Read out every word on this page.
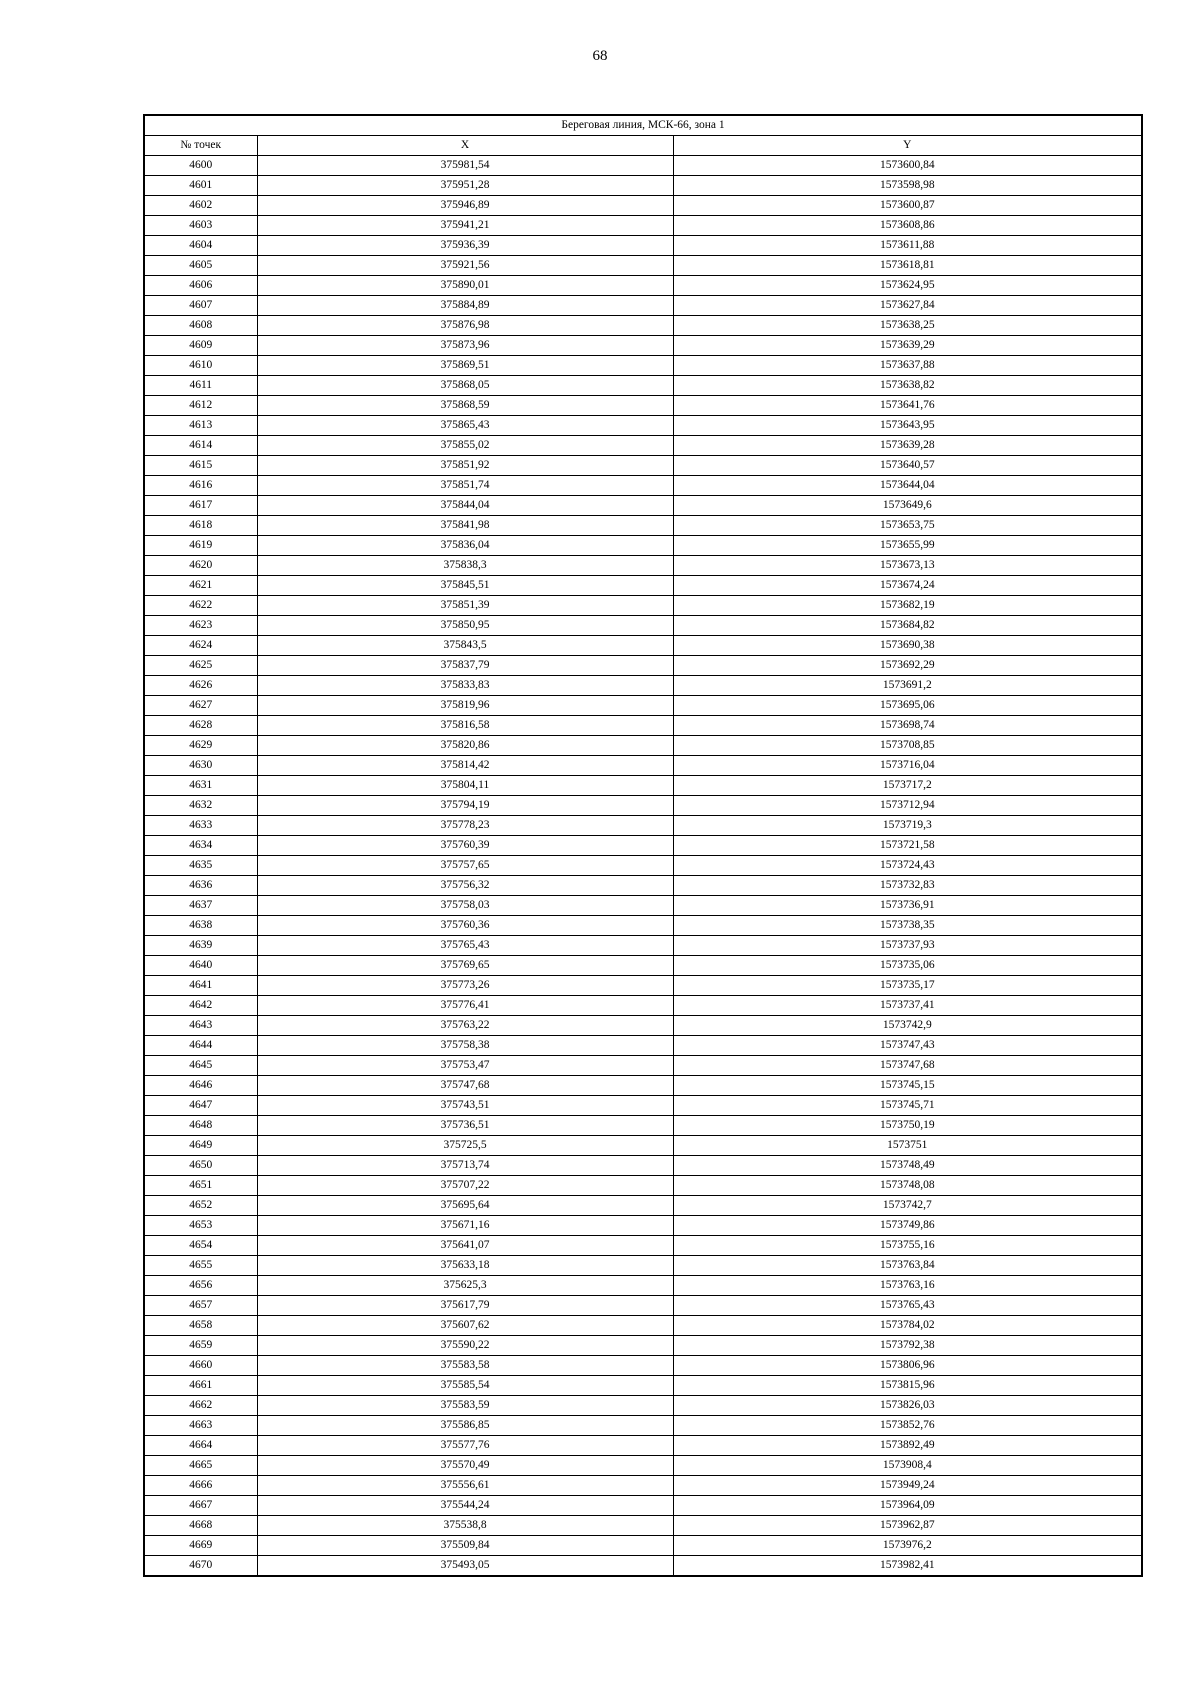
68
Береговая линия, МСК-66, зона 1		
№ точек	X	Y
4600	375981,54	1573600,84
4601	375951,28	1573598,98
4602	375946,89	1573600,87
4603	375941,21	1573608,86
4604	375936,39	1573611,88
4605	375921,56	1573618,81
4606	375890,01	1573624,95
4607	375884,89	1573627,84
4608	375876,98	1573638,25
4609	375873,96	1573639,29
4610	375869,51	1573637,88
4611	375868,05	1573638,82
4612	375868,59	1573641,76
4613	375865,43	1573643,95
4614	375855,02	1573639,28
4615	375851,92	1573640,57
4616	375851,74	1573644,04
4617	375844,04	1573649,6
4618	375841,98	1573653,75
4619	375836,04	1573655,99
4620	375838,3	1573673,13
4621	375845,51	1573674,24
4622	375851,39	1573682,19
4623	375850,95	1573684,82
4624	375843,5	1573690,38
4625	375837,79	1573692,29
4626	375833,83	1573691,2
4627	375819,96	1573695,06
4628	375816,58	1573698,74
4629	375820,86	1573708,85
4630	375814,42	1573716,04
4631	375804,11	1573717,2
4632	375794,19	1573712,94
4633	375778,23	1573719,3
4634	375760,39	1573721,58
4635	375757,65	1573724,43
4636	375756,32	1573732,83
4637	375758,03	1573736,91
4638	375760,36	1573738,35
4639	375765,43	1573737,93
4640	375769,65	1573735,06
4641	375773,26	1573735,17
4642	375776,41	1573737,41
4643	375763,22	1573742,9
4644	375758,38	1573747,43
4645	375753,47	1573747,68
4646	375747,68	1573745,15
4647	375743,51	1573745,71
4648	375736,51	1573750,19
4649	375725,5	1573751
4650	375713,74	1573748,49
4651	375707,22	1573748,08
4652	375695,64	1573742,7
4653	375671,16	1573749,86
4654	375641,07	1573755,16
4655	375633,18	1573763,84
4656	375625,3	1573763,16
4657	375617,79	1573765,43
4658	375607,62	1573784,02
4659	375590,22	1573792,38
4660	375583,58	1573806,96
4661	375585,54	1573815,96
4662	375583,59	1573826,03
4663	375586,85	1573852,76
4664	375577,76	1573892,49
4665	375570,49	1573908,4
4666	375556,61	1573949,24
4667	375544,24	1573964,09
4668	375538,8	1573962,87
4669	375509,84	1573976,2
4670	375493,05	1573982,41
